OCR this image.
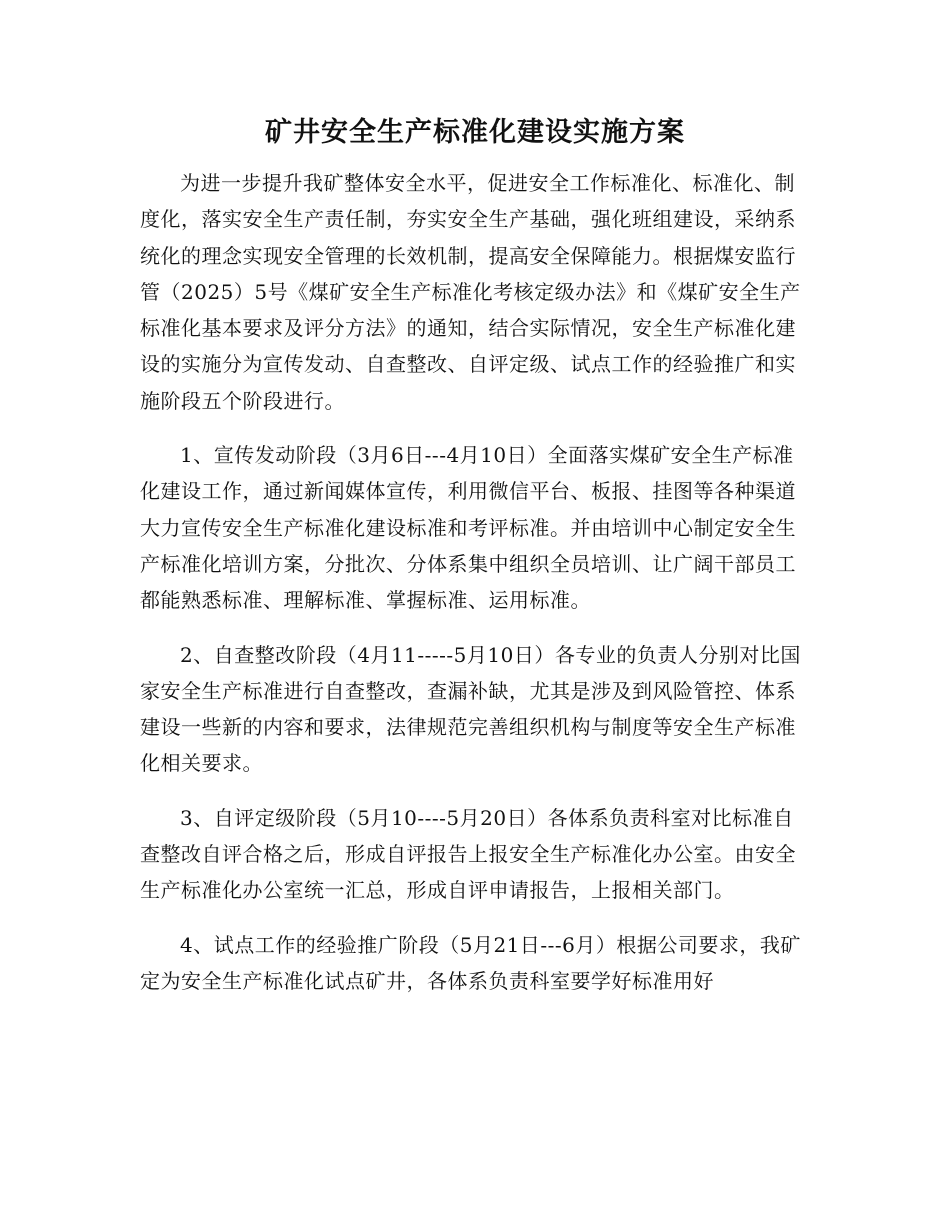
矿井安全生产标准化建设实施方案

为进一步提升我矿整体安全水平，促进安全工作标准化、标准化、制度化，落实安全生产责任制，夯实安全生产基础，强化班组建设，采纳系统化的理念实现安全管理的长效机制，提高安全保障能力。根据煤安监行管（2025）5号《煤矿安全生产标准化考核定级办法》和《煤矿安全生产标准化基本要求及评分方法》的通知，结合实际情况，安全生产标准化建设的实施分为宣传发动、自查整改、自评定级、试点工作的经验推广和实施阶段五个阶段进行。

1、宣传发动阶段（3月6日---4月10日）全面落实煤矿安全生产标准化建设工作，通过新闻媒体宣传，利用微信平台、板报、挂图等各种渠道大力宣传安全生产标准化建设标准和考评标准。并由培训中心制定安全生产标准化培训方案，分批次、分体系集中组织全员培训、让广阔干部员工都能熟悉标准、理解标准、掌握标准、运用标准。

2、自查整改阶段（4月11-----5月10日）各专业的负责人分别对比国家安全生产标准进行自查整改，查漏补缺，尤其是涉及到风险管控、体系建设一些新的内容和要求，法律规范完善组织机构与制度等安全生产标准化相关要求。

3、自评定级阶段（5月10----5月20日）各体系负责科室对比标准自查整改自评合格之后，形成自评报告上报安全生产标准化办公室。由安全生产标准化办公室统一汇总，形成自评申请报告，上报相关部门。

4、试点工作的经验推广阶段（5月21日---6月）根据公司要求，我矿定为安全生产标准化试点矿井，各体系负责科室要学好标准用好
